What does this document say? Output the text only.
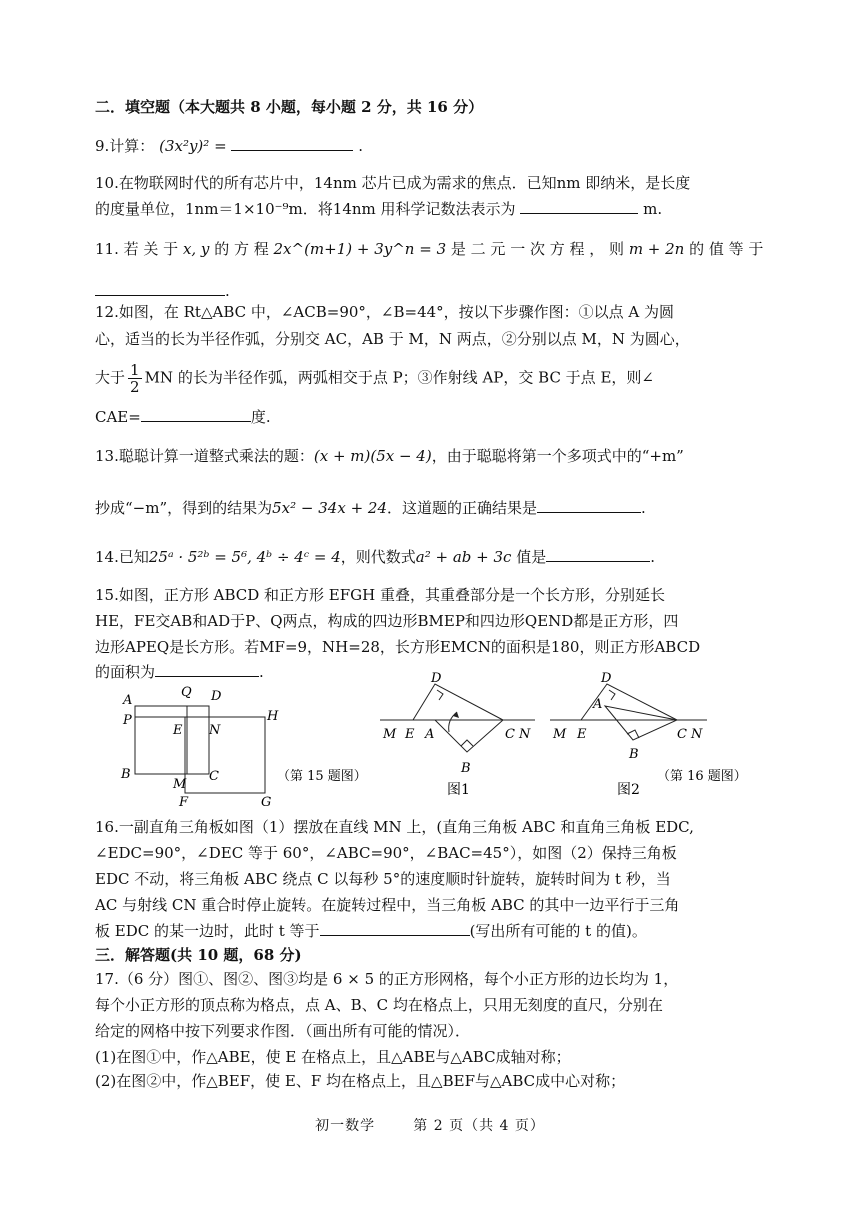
二．填空题（本大题共 8 小题，每小题 2 分，共 16 分）
9.计算： (3x²y)² =	.
10.在物联网时代的所有芯片中，14nm 芯片已成为需求的焦点．已知nm 即纳米，是长度
的度量单位，1nm＝1×10⁻⁹m．将14nm 用科学记数法表示为	m.
11. 若 关 于 x, y 的 方 程 2x^(m+1) + 3y^n = 3 是 二 元 一 次 方 程 ， 则 m + 2n 的 值 等 于
.
12.如图，在 Rt△ABC 中，∠ACB=90°，∠B=44°，按以下步骤作图：①以点 A 为圆
心，适当的长为半径作弧，分别交 AC，AB 于 M，N 两点，②分别以点 M，N 为圆心，
大于 $\frac{1}{2}$ MN 的长为半径作弧，两弧相交于点 P；③作射线 AP，交 BC 于点 E，则∠
CAE=	度.
13.聪聪计算一道整式乘法的题：(x + m)(5x − 4)，由于聪聪将第一个多项式中的“+m”
抄成“−m”，得到的结果为5x² − 34x + 24．这道题的正确结果是	.
14.已知25ᵃ · 5²ᵇ = 5⁶, 4ᵇ ÷ 4ᶜ = 4，则代数式a² + ab + 3c 值是	.
15.如图，正方形 ABCD 和正方形 EFGH 重叠，其重叠部分是一个长方形，分别延长
HE，FE交AB和AD于P、Q两点，构成的四边形BMEP和四边形QEND都是正方形，四
边形APEQ是长方形。若MF=9，NH=28，长方形EMCN的面积是180，则正方形ABCD
的面积为	.
A
Q D
P	H
E N
B
M
C
F	G
（第 15 题图）
D
M E A	C N
B
图1
D
A
M E	C N
B
图2
（第 16 题图）
16.一副直角三角板如图（1）摆放在直线 MN 上，(直角三角板 ABC 和直角三角板 EDC,
∠EDC=90°，∠DEC 等于 60°，∠ABC=90°，∠BAC=45°），如图（2）保持三角板
EDC 不动，将三角板 ABC 绕点 C 以每秒 5°的速度顺时针旋转，旋转时间为 t 秒，当
AC 与射线 CN 重合时停止旋转。在旋转过程中，当三角板 ABC 的其中一边平行于三角
板 EDC 的某一边时，此时 t 等于	(写出所有可能的 t 的值)。
三．解答题(共 10 题，68 分)
17.（6 分）图①、图②、图③均是 6 × 5 的正方形网格，每个小正方形的边长均为 1，
每个小正方形的顶点称为格点，点 A、B、C 均在格点上，只用无刻度的直尺，分别在
给定的网格中按下列要求作图．（画出所有可能的情况）．
(1)在图①中，作△ABE，使 E 在格点上，且△ABE与△ABC成轴对称；
(2)在图②中，作△BEF，使 E、F 均在格点上，且△BEF与△ABC成中心对称；
初一数学	第 2 页（共 4 页）
